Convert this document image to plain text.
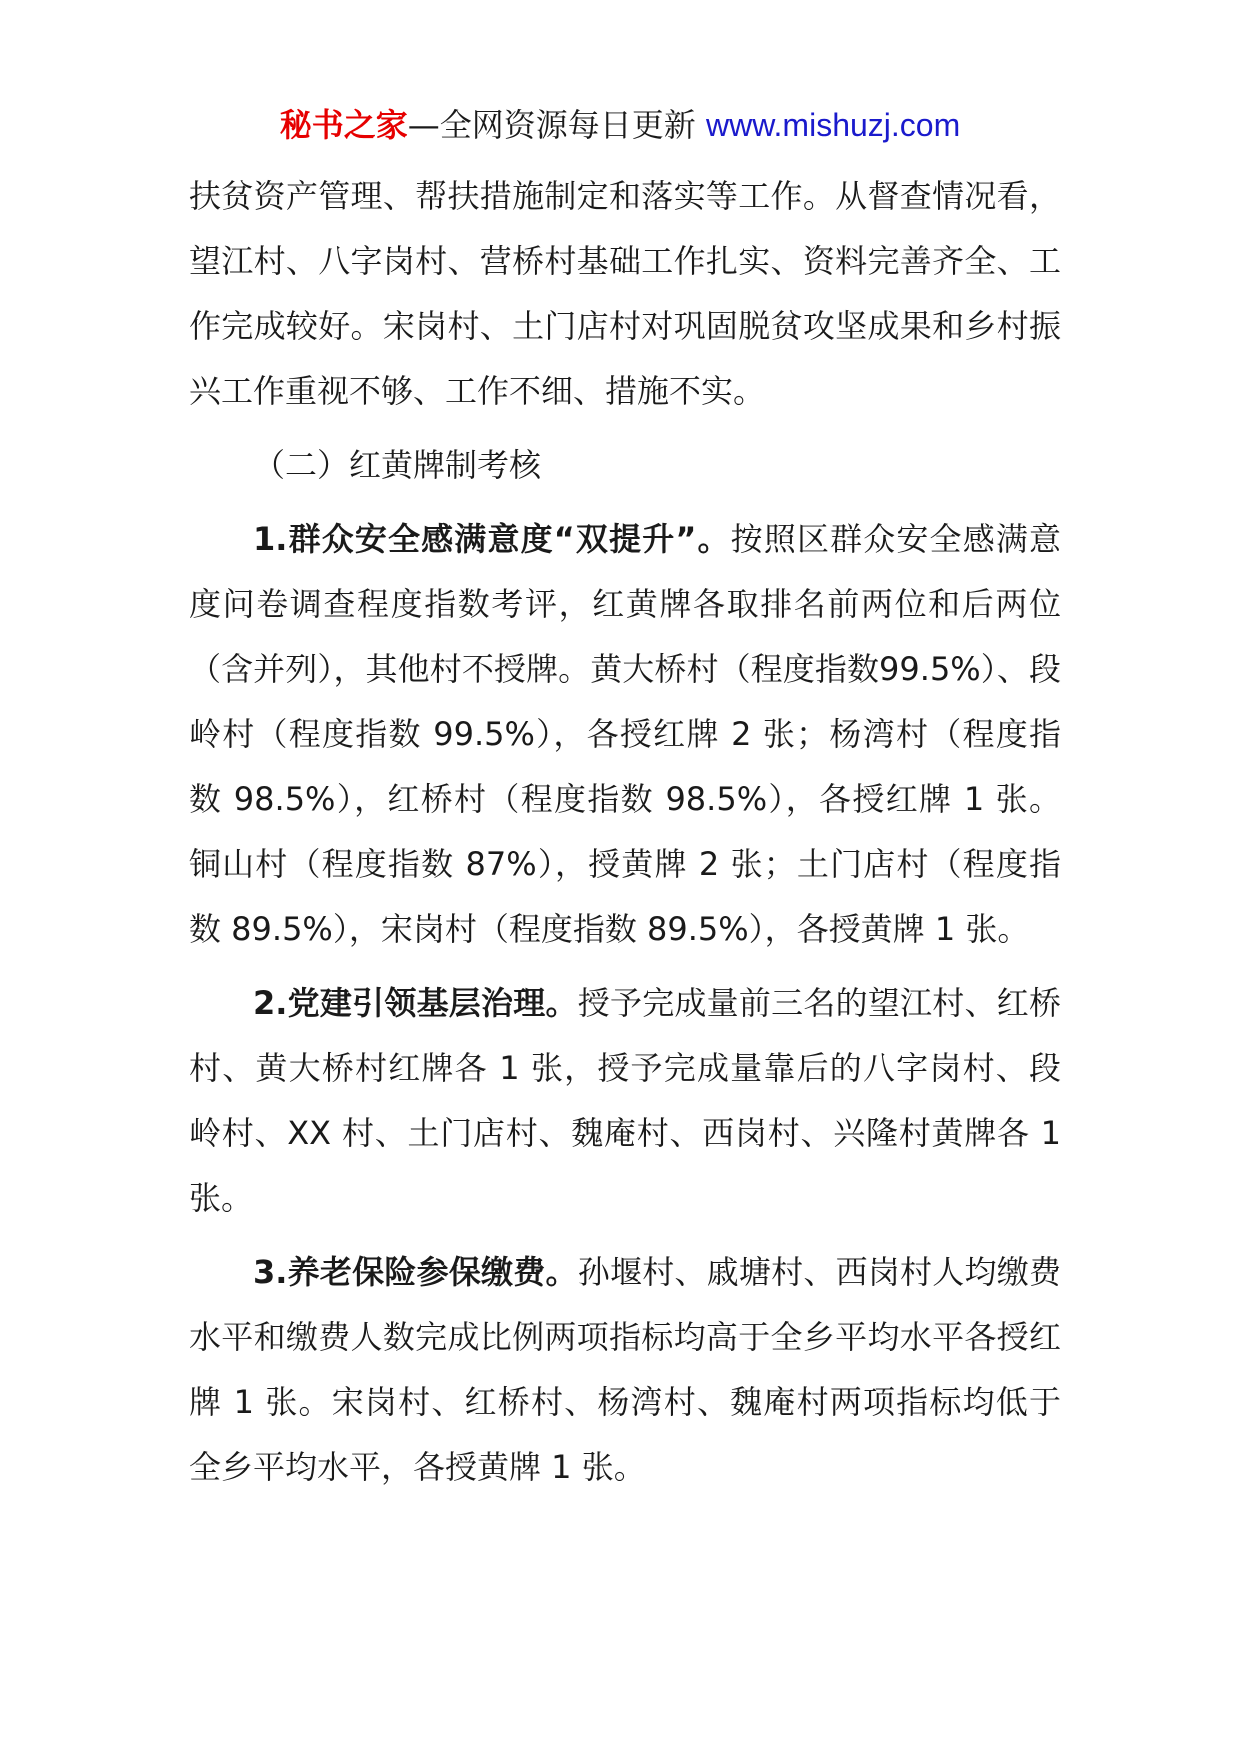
秘书之家—全网资源每日更新 www.mishuzj.com

扶贫资产管理、帮扶措施制定和落实等工作。从督查情况看，望江村、八字岗村、营桥村基础工作扎实、资料完善齐全、工作完成较好。宋岗村、土门店村对巩固脱贫攻坚成果和乡村振兴工作重视不够、工作不细、措施不实。

（二）红黄牌制考核

1.群众安全感满意度“双提升”。按照区群众安全感满意度问卷调查程度指数考评，红黄牌各取排名前两位和后两位（含并列），其他村不授牌。黄大桥村（程度指数99.5%）、段岭村（程度指数 99.5%），各授红牌 2 张；杨湾村（程度指数 98.5%），红桥村（程度指数 98.5%），各授红牌 1 张。铜山村（程度指数 87%），授黄牌 2 张；土门店村（程度指数 89.5%），宋岗村（程度指数 89.5%），各授黄牌 1 张。

2.党建引领基层治理。授予完成量前三名的望江村、红桥村、黄大桥村红牌各 1 张，授予完成量靠后的八字岗村、段岭村、XX 村、土门店村、魏庵村、西岗村、兴隆村黄牌各 1 张。

3.养老保险参保缴费。孙堰村、戚塘村、西岗村人均缴费水平和缴费人数完成比例两项指标均高于全乡平均水平各授红牌 1 张。宋岗村、红桥村、杨湾村、魏庵村两项指标均低于全乡平均水平，各授黄牌 1 张。
